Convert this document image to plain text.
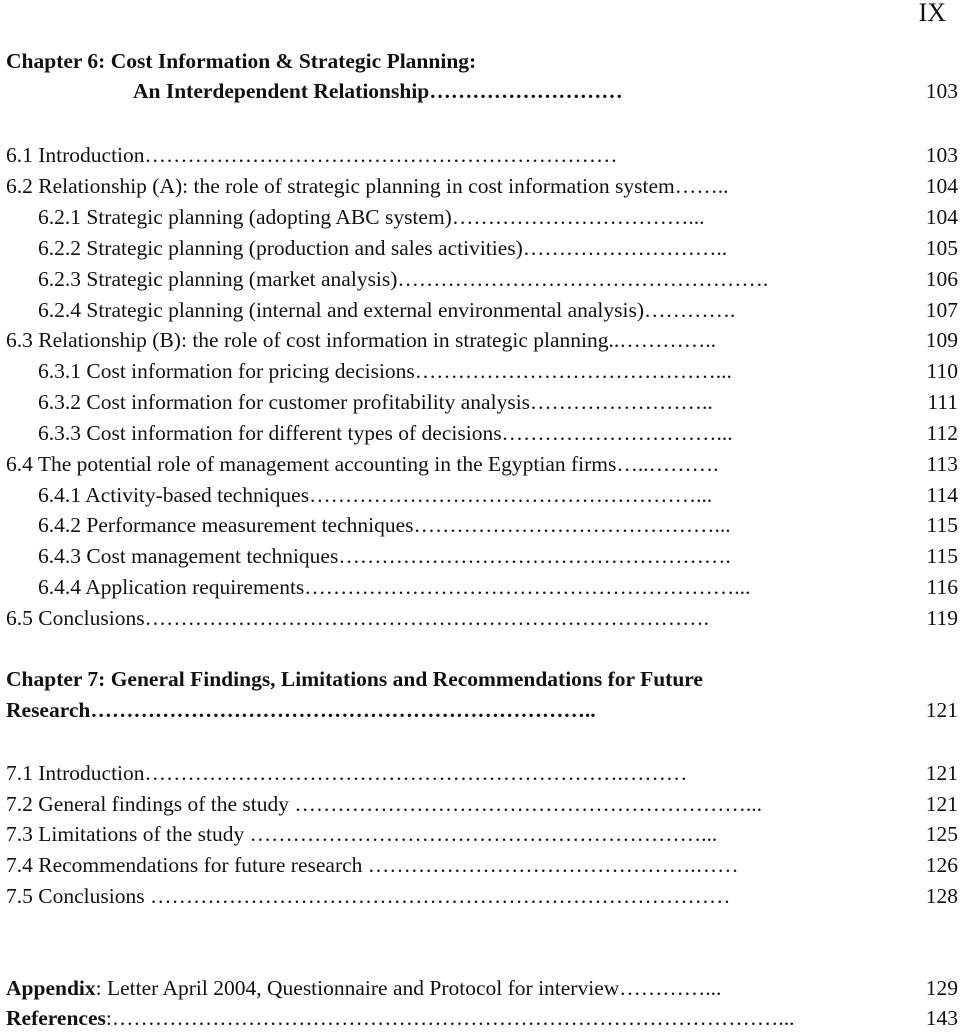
IX
Chapter 6: Cost Information & Strategic Planning:
An Interdependent Relationship………………………	103
6.1 Introduction…………………………………………………………	103
6.2 Relationship (A): the role of strategic planning in cost information system……..	104
6.2.1 Strategic planning (adopting ABC system)……………………………...	104
6.2.2 Strategic planning (production and sales activities)………………………..	105
6.2.3 Strategic planning (market analysis)…………………………………………….	106
6.2.4 Strategic planning (internal and external environmental analysis)………….	107
6.3 Relationship (B): the role of cost information in strategic planning..…………..	109
6.3.1 Cost information for pricing decisions……………………………………...	110
6.3.2 Cost information for customer profitability analysis……………………..	111
6.3.3 Cost information for different types of decisions…………………………...	112
6.4 The potential role of management accounting in the Egyptian firms…..……….	113
6.4.1 Activity-based techniques………………………………………………...	114
6.4.2 Performance measurement techniques……………………………………...	115
6.4.3 Cost management techniques……………………………………………….	115
6.4.4 Application requirements……………………………………………………...	116
6.5 Conclusions…………………………………………………………………….	119
Chapter 7: General Findings, Limitations and Recommendations for Future
Research……………………………………………………………..	121
7.1 Introduction………………………………………………………….………	121
7.2 General findings of the study ………………………………………………………...	121
7.3 Limitations of the study ………………………………………………………...	125
7.4 Recommendations for future research ……………………………………….……	126
7.5 Conclusions ………………………………………………………………………	128
Appendix: Letter April 2004, Questionnaire and Protocol for interview…………...	129
References:…………………………………………………………………………………...	143
